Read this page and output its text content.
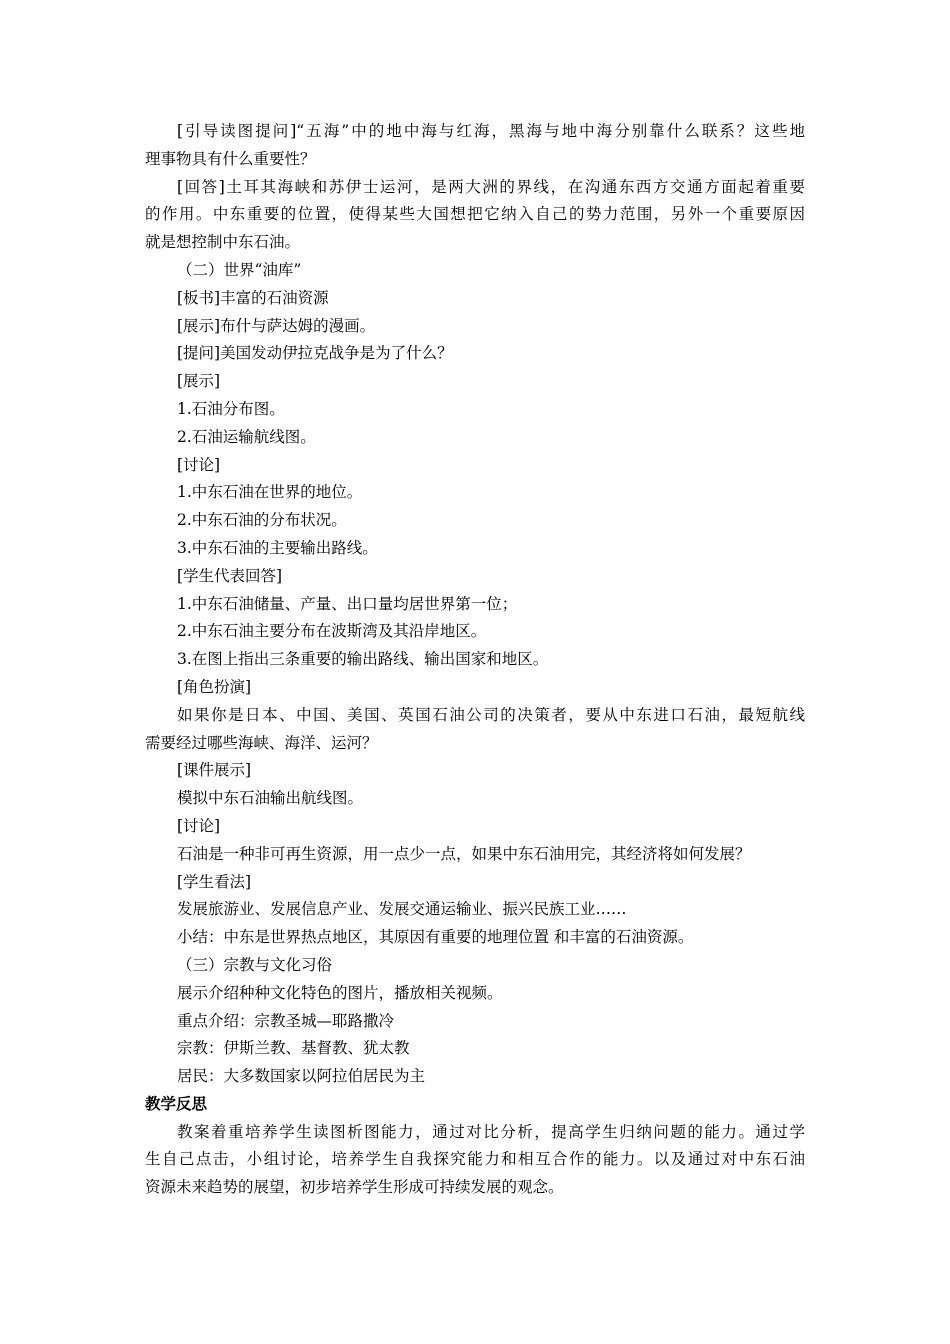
[引导读图提问]“五海”中的地中海与红海，黑海与地中海分别靠什么联系？这些地
理事物具有什么重要性？
[回答]土耳其海峡和苏伊士运河，是两大洲的界线，在沟通东西方交通方面起着重要
的作用。中东重要的位置，使得某些大国想把它纳入自己的势力范围，另外一个重要原因
就是想控制中东石油。
（二）世界“油库”
[板书]丰富的石油资源
[展示]布什与萨达姆的漫画。
[提问]美国发动伊拉克战争是为了什么？
[展示]
1.石油分布图。
2.石油运输航线图。
[讨论]
1.中东石油在世界的地位。
2.中东石油的分布状况。
3.中东石油的主要输出路线。
[学生代表回答]
1.中东石油储量、产量、出口量均居世界第一位；
2.中东石油主要分布在波斯湾及其沿岸地区。
3.在图上指出三条重要的输出路线、输出国家和地区。
[角色扮演]
如果你是日本、中国、美国、英国石油公司的决策者，要从中东进口石油，最短航线
需要经过哪些海峡、海洋、运河？
[课件展示]
模拟中东石油输出航线图。
[讨论]
石油是一种非可再生资源，用一点少一点，如果中东石油用完，其经济将如何发展？
[学生看法]
发展旅游业、发展信息产业、发展交通运输业、振兴民族工业……
小结：中东是世界热点地区，其原因有重要的地理位置 和丰富的石油资源。
（三）宗教与文化习俗
展示介绍种种文化特色的图片，播放相关视频。
重点介绍：宗教圣城—耶路撒冷
宗教：伊斯兰教、基督教、犹太教
居民：大多数国家以阿拉伯居民为主
教学反思
教案着重培养学生读图析图能力，通过对比分析，提高学生归纳问题的能力。通过学
生自己点击，小组讨论，培养学生自我探究能力和相互合作的能力。以及通过对中东石油
资源未来趋势的展望，初步培养学生形成可持续发展的观念。
